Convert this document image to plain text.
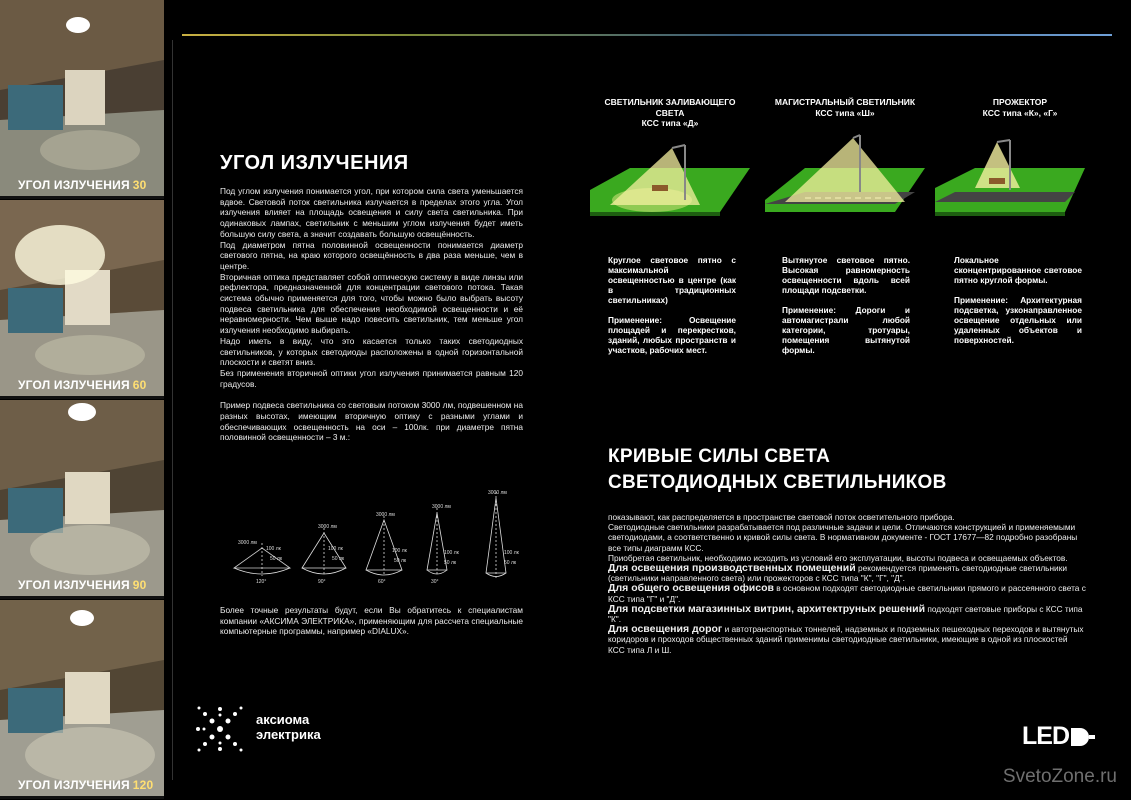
УГОЛ ИЗЛУЧЕНИЯ 30
УГОЛ ИЗЛУЧЕНИЯ 60
УГОЛ ИЗЛУЧЕНИЯ 90
УГОЛ ИЗЛУЧЕНИЯ 120
УГОЛ ИЗЛУЧЕНИЯ

Под углом излучения понимается угол, при котором сила света уменьшается вдвое. Световой поток светильника излучается в пределах этого угла. Угол излучения влияет на площадь освещения и силу света светильника. При одинаковых лампах, светильник с меньшим углом излучения будет иметь большую силу света, а значит создавать большую освещённость.

Под диаметром пятна половинной освещенности понимается диаметр светового пятна, на краю которого освещённость в два раза меньше, чем в центре.

Вторичная оптика представляет собой оптическую систему в виде линзы или рефлектора, предназначенной для концентрации светового потока. Такая система обычно применяется для того, чтобы можно было выбрать высоту подвеса светильника для обеспечения необходимой освещенности и её неравномерности. Чем выше надо повесить светильник, тем меньше угол излучения необходимо выбирать.

Надо иметь в виду, что это касается только таких светодиодных светильников, у которых светодиоды расположены в одной горизонтальной плоскости и светят вниз.

Без применения вторичной оптики угол излучения принимается равным 120 градусов.

Пример подвеса светильника со световым потоком 3000 лм, подвешенном на разных высотах, имеющим вторичную оптику с разными углами и обеспечивающих освещенность на оси – 100лк. при диаметре пятна половинной освещенности – 3 м.:

3000 лм
100 лк
50 лк
120°
3000 лм
100 лк
50 лк
90°
3000 лм
100 лк
50 лк
60°
3000 лм
100 лк
50 лк
30°
3000 лм
100 лк
50 лк
Более точные результаты будут, если Вы обратитесь к специалистам компании «АКСИМА ЭЛЕКТРИКА», применяющим для рассчета специальные компьютерные программы, например «DIALUX».
аксиома
электрика
СВЕТИЛЬНИК ЗАЛИВАЮЩЕГО СВЕТА
КСС типа «Д»
МАГИСТРАЛЬНЫЙ СВЕТИЛЬНИК
КСС типа «Ш»
ПРОЖЕКТОР
КСС типа «К», «Г»

Круглое световое пятно с максимальной освещенностью в центре (как в традиционных светильниках)

Применение: Освещение площадей и перекрестков, зданий, любых пространств и участков, рабочих мест.

Вытянутое световое пятно. Высокая равномерность освещенности вдоль всей площади подсветки.

Применение: Дороги и автомагистрали любой категории, тротуары, помещения вытянутой формы.

Локальное сконцентрированное световое пятно круглой формы.

Применение: Архитектурная подсветка, узконаправленное освещение отдельных или удаленных объектов и поверхностей.

КРИВЫЕ СИЛЫ СВЕТА
СВЕТОДИОДНЫХ СВЕТИЛЬНИКОВ

показывают, как распределяется в пространстве световой поток осветительного прибора.

Светодиодные светильники разрабатывается под различные задачи и цели. Отличаются конструкцией и применяемыми светодиодами, а соответственно и кривой силы света. В нормативном документе - ГОСТ 17677—82 подробно разобраны все типы диаграмм КСС.

Приобретая светильник, необходимо исходить из условий его эксплуатации, высоты подвеса и освещаемых объектов.

Для освещения производственных помещений рекомендуется применять светодиодные светильники (светильники направленного света) или прожекторов с КСС типа "К", "Г", "Д".

Для общего освещения офисов в основном подходят светодиодные светильники прямого и рассеянного света с КСС типа "Г" и "Д".

Для подсветки магазинных витрин, архитектруных решений подходят световые приборы с КСС типа "К".

Для освещения дорог и автотранспортных тоннелей, надземных и подземных пешеходных переходов и вытянутых коридоров и проходов общественных зданий применимы светодиодные светильники, имеющие в одной из плоскостей КСС типа Л и Ш.

LED
SvetoZone.ru
